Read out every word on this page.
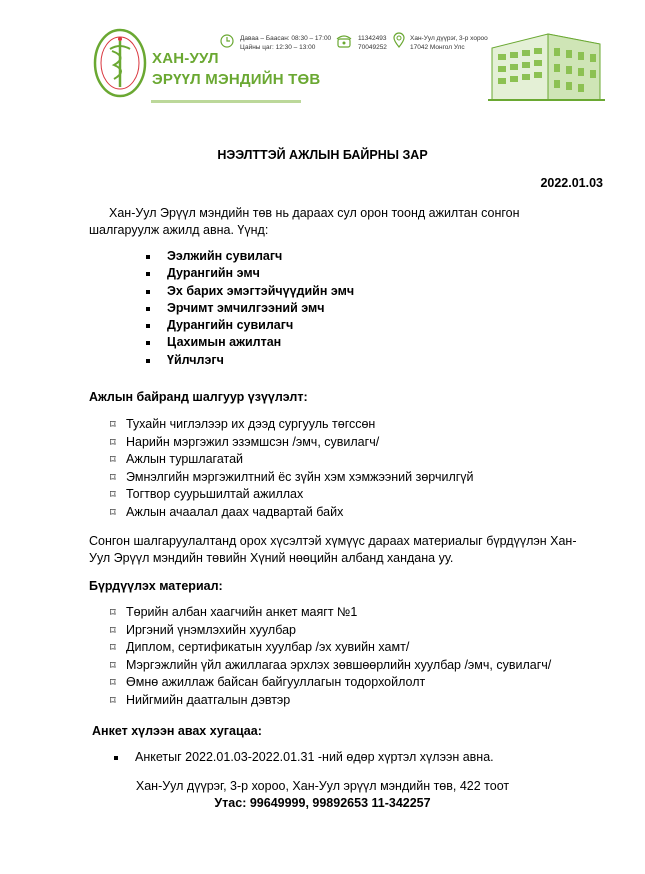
Даваа – Баасан: 08:30 – 17:00
Цайны цаг: 12:30 – 13:00
11342493
70049252
Хан-Уул дүүрэг, 3-р хороо
17042 Монгол Улс
ХАН-УУЛ
ЭРҮҮЛ МЭНДИЙН ТӨВ
НЭЭЛТТЭЙ АЖЛЫН БАЙРНЫ ЗАР
2022.01.03
Хан-Уул Эрүүл мэндийн төв нь дараах сул орон тоонд ажилтан сонгон
шалгаруулж ажилд авна. Үүнд:
Ээлжийн сувилагч
Дурангийн эмч
Эх барих эмэгтэйчүүдийн эмч
Эрчимт эмчилгээний эмч
Дурангийн сувилагч
Цахимын ажилтан
Үйлчлэгч
Ажлын байранд шалгуур үзүүлэлт:
⌑ Тухайн чиглэлээр их дээд сургууль төгссөн
⌑ Нарийн мэргэжил эзэмшсэн /эмч, сувилагч/
⌑ Ажлын туршлагатай
⌑ Эмнэлгийн мэргэжилтний ёс зүйн хэм хэмжээний зөрчилгүй
⌑ Тогтвор суурьшилтай ажиллах
⌑ Ажлын ачаалал даах чадвартай байх
Сонгон шалгаруулалтанд орох хүсэлтэй хүмүүс дараах материалыг бүрдүүлэн Хан-
Уул Эрүүл мэндийн төвийн Хүний нөөцийн албанд хандана уу.
Бүрдүүлэх материал:
⌑ Төрийн албан хаагчийн анкет маягт №1
⌑ Иргэний үнэмлэхийн хуулбар
⌑ Диплом, сертификатын хуулбар /эх хувийн хамт/
⌑ Мэргэжлийн үйл ажиллагаа эрхлэх зөвшөөрлийн хуулбар /эмч, сувилагч/
⌑ Өмнө ажиллаж байсан байгууллагын тодорхойлолт
⌑ Нийгмийн даатгалын дэвтэр
Анкет хүлээн авах хугацаа:
Анкетыг 2022.01.03-2022.01.31 -ний өдөр хүртэл хүлээн авна.
Хан-Уул дүүрэг, 3-р хороо, Хан-Уул эрүүл мэндийн төв, 422 тоот
Утас: 99649999, 99892653 11-342257
